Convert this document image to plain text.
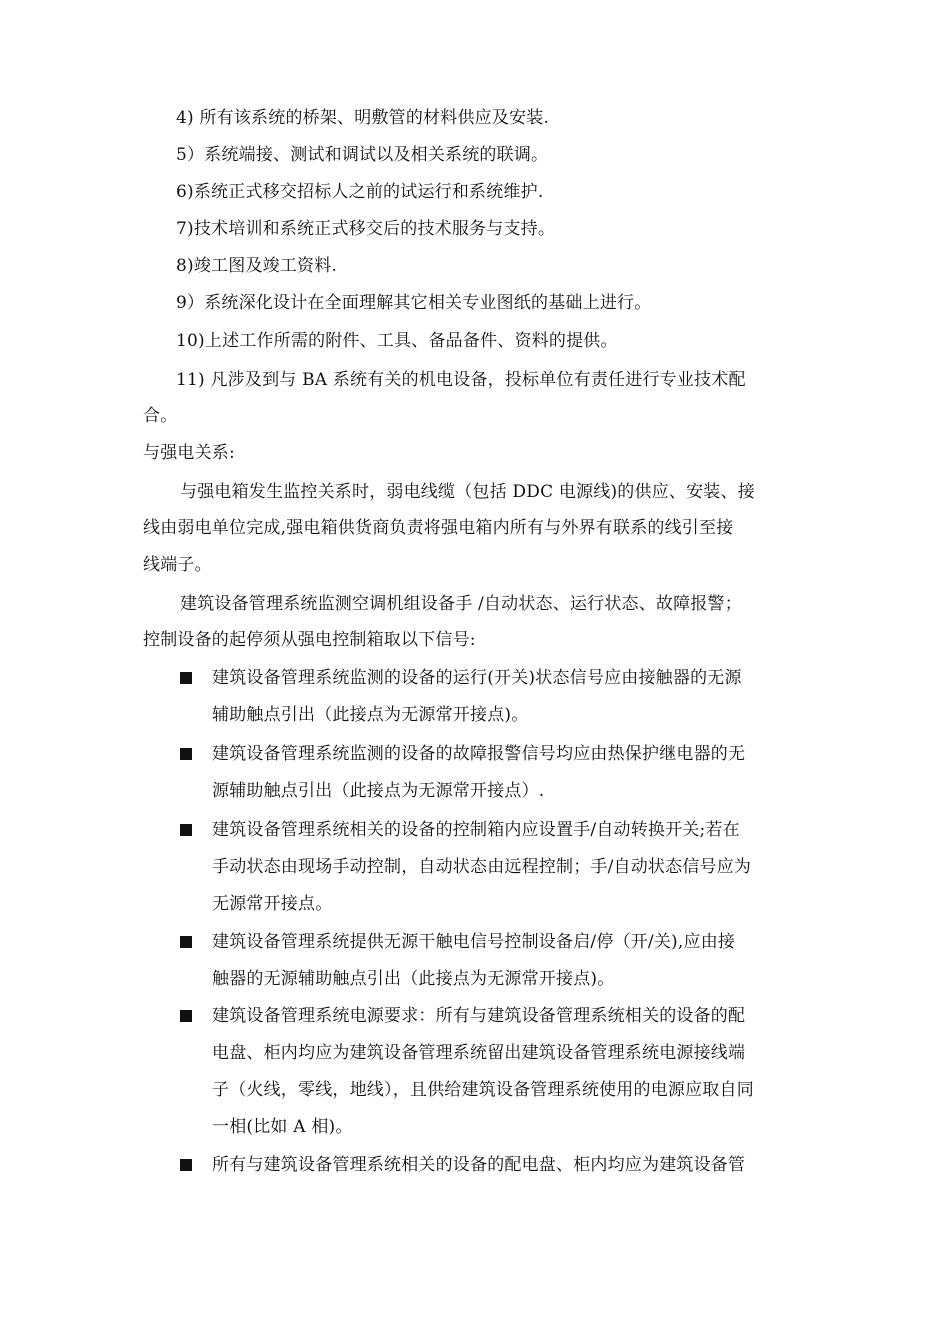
4) 所有该系统的桥架、明敷管的材料供应及安装.
5）系统端接、测试和调试以及相关系统的联调。
6)系统正式移交招标人之前的试运行和系统维护.
7)技术培训和系统正式移交后的技术服务与支持。
8)竣工图及竣工资料.
9）系统深化设计在全面理解其它相关专业图纸的基础上进行。
10)上述工作所需的附件、工具、备品备件、资料的提供。
11) 凡涉及到与 BA 系统有关的机电设备，投标单位有责任进行专业技术配
合。
与强电关系:
与强电箱发生监控关系时，弱电线缆（包括 DDC 电源线)的供应、安装、接
线由弱电单位完成,强电箱供货商负责将强电箱内所有与外界有联系的线引至接
线端子。
建筑设备管理系统监测空调机组设备手 /自动状态、运行状态、故障报警；
控制设备的起停须从强电控制箱取以下信号:
建筑设备管理系统监测的设备的运行(开关)状态信号应由接触器的无源
辅助触点引出（此接点为无源常开接点)。
建筑设备管理系统监测的设备的故障报警信号均应由热保护继电器的无
源辅助触点引出（此接点为无源常开接点）.
建筑设备管理系统相关的设备的控制箱内应设置手/自动转换开关;若在
手动状态由现场手动控制，自动状态由远程控制；手/自动状态信号应为
无源常开接点。
建筑设备管理系统提供无源干触电信号控制设备启/停（开/关),应由接
触器的无源辅助触点引出（此接点为无源常开接点)。
建筑设备管理系统电源要求：所有与建筑设备管理系统相关的设备的配
电盘、柜内均应为建筑设备管理系统留出建筑设备管理系统电源接线端
子（火线，零线，地线），且供给建筑设备管理系统使用的电源应取自同
一相(比如 A 相)。
所有与建筑设备管理系统相关的设备的配电盘、柜内均应为建筑设备管
